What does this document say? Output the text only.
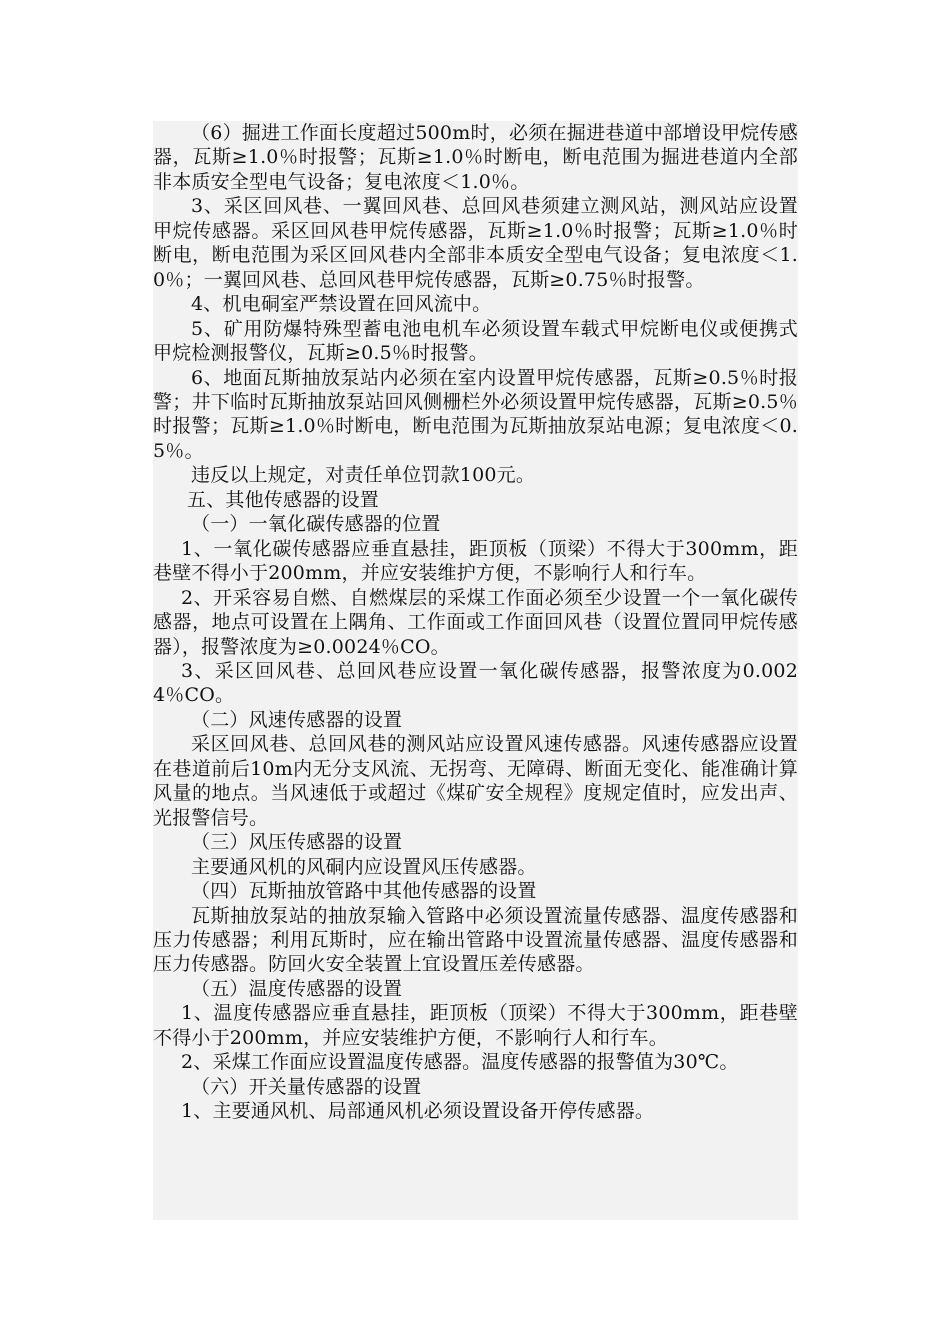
（6）掘进工作面长度超过500m时，必须在掘进巷道中部增设甲烷传感器，瓦斯≥1.0％时报警；瓦斯≥1.0％时断电，断电范围为掘进巷道内全部非本质安全型电气设备；复电浓度＜1.0％。

3、采区回风巷、一翼回风巷、总回风巷须建立测风站，测风站应设置甲烷传感器。采区回风巷甲烷传感器，瓦斯≥1.0％时报警；瓦斯≥1.0％时断电，断电范围为采区回风巷内全部非本质安全型电气设备；复电浓度＜1.0％；一翼回风巷、总回风巷甲烷传感器，瓦斯≥0.75％时报警。

4、机电硐室严禁设置在回风流中。

5、矿用防爆特殊型蓄电池电机车必须设置车载式甲烷断电仪或便携式甲烷检测报警仪，瓦斯≥0.5％时报警。

6、地面瓦斯抽放泵站内必须在室内设置甲烷传感器，瓦斯≥0.5％时报警；井下临时瓦斯抽放泵站回风侧栅栏外必须设置甲烷传感器，瓦斯≥0.5％时报警；瓦斯≥1.0％时断电，断电范围为瓦斯抽放泵站电源；复电浓度＜0.5％。

违反以上规定，对责任单位罚款100元。

五、其他传感器的设置

（一）一氧化碳传感器的位置

1、一氧化碳传感器应垂直悬挂，距顶板（顶梁）不得大于300mm，距巷壁不得小于200mm，并应安装维护方便，不影响行人和行车。

2、开采容易自燃、自燃煤层的采煤工作面必须至少设置一个一氧化碳传感器，地点可设置在上隅角、工作面或工作面回风巷（设置位置同甲烷传感器），报警浓度为≥0.0024％CO。

3、采区回风巷、总回风巷应设置一氧化碳传感器，报警浓度为0.0024％CO。

（二）风速传感器的设置

采区回风巷、总回风巷的测风站应设置风速传感器。风速传感器应设置在巷道前后10m内无分支风流、无拐弯、无障碍、断面无变化、能准确计算风量的地点。当风速低于或超过《煤矿安全规程》度规定值时，应发出声、光报警信号。

（三）风压传感器的设置

主要通风机的风硐内应设置风压传感器。

（四）瓦斯抽放管路中其他传感器的设置

瓦斯抽放泵站的抽放泵输入管路中必须设置流量传感器、温度传感器和压力传感器；利用瓦斯时，应在输出管路中设置流量传感器、温度传感器和压力传感器。防回火安全装置上宜设置压差传感器。

（五）温度传感器的设置

1、温度传感器应垂直悬挂，距顶板（顶梁）不得大于300mm，距巷壁不得小于200mm，并应安装维护方便，不影响行人和行车。

2、采煤工作面应设置温度传感器。温度传感器的报警值为30℃。

（六）开关量传感器的设置

1、主要通风机、局部通风机必须设置设备开停传感器。
